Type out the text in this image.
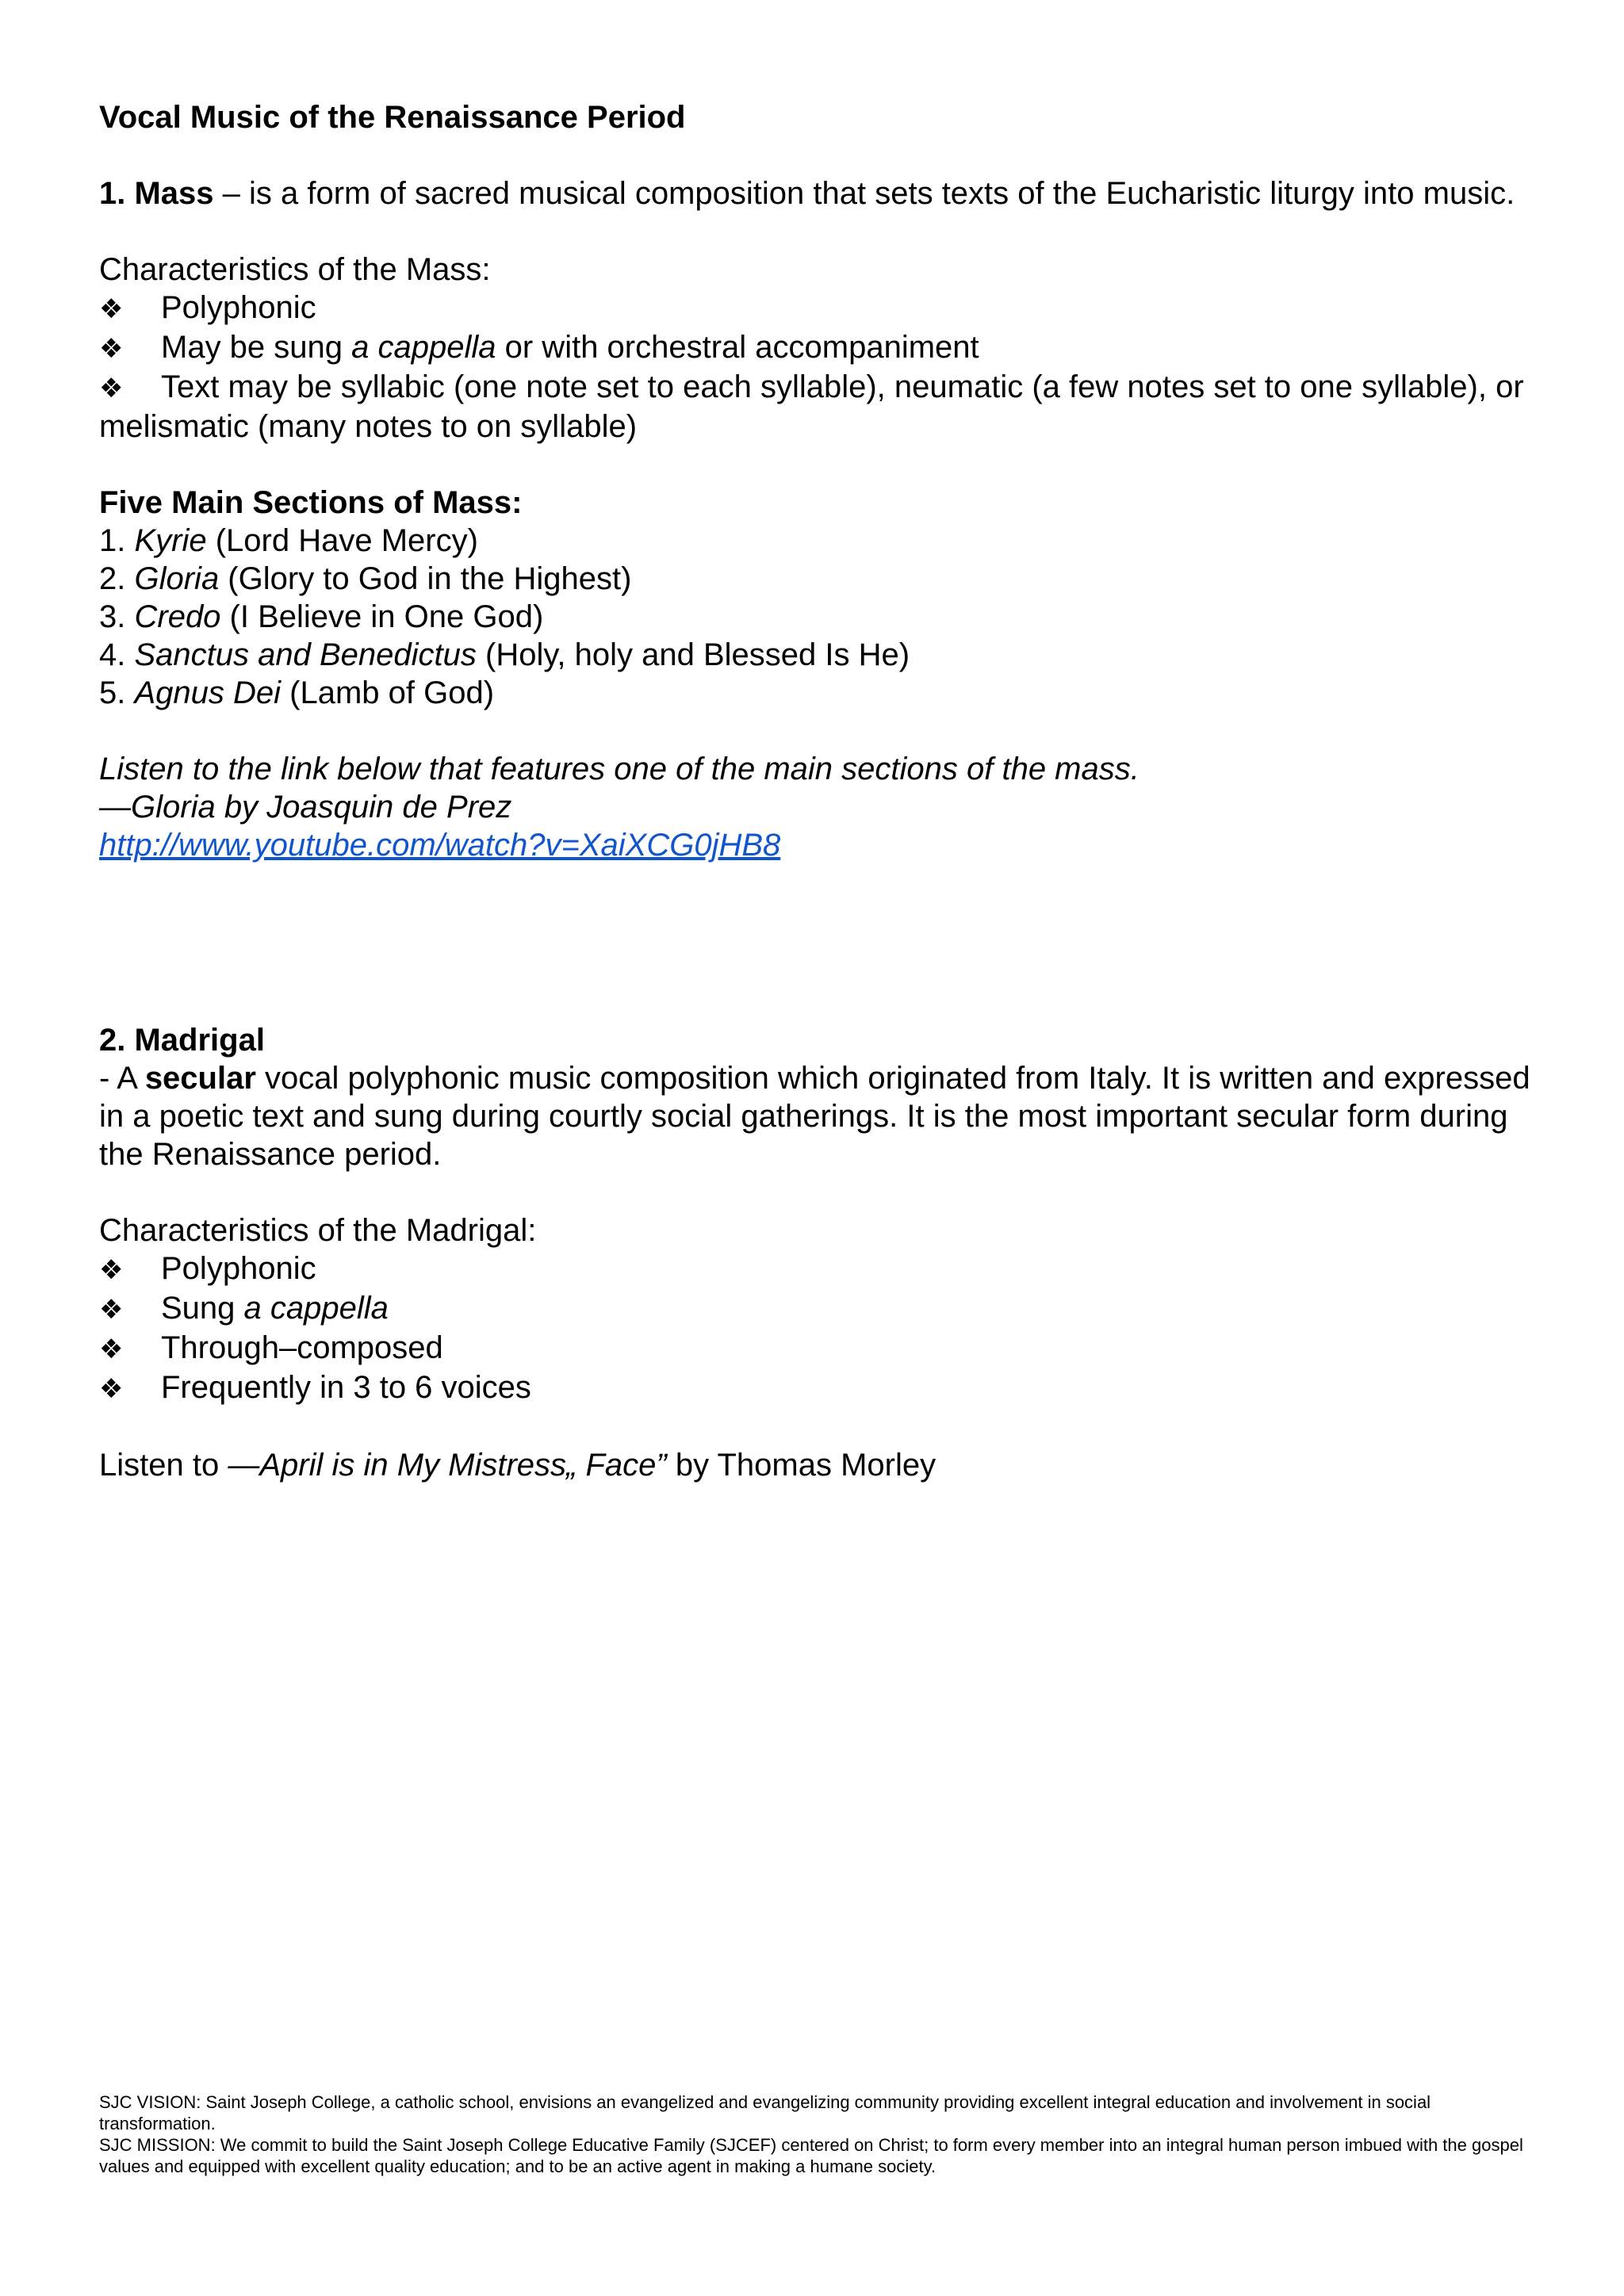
Vocal Music of the Renaissance Period
1. Mass – is a form of sacred musical composition that sets texts of the Eucharistic liturgy into music.
Characteristics of the Mass:
❖ Polyphonic
❖ May be sung a cappella or with orchestral accompaniment
❖ Text may be syllabic (one note set to each syllable), neumatic (a few notes set to one syllable), or melismatic (many notes to on syllable)
Five Main Sections of Mass:
1. Kyrie (Lord Have Mercy)
2. Gloria (Glory to God in the Highest)
3. Credo (I Believe in One God)
4. Sanctus and Benedictus (Holy, holy and Blessed Is He)
5. Agnus Dei (Lamb of God)
Listen to the link below that features one of the main sections of the mass.
—Gloria by Joasquin de Prez
http://www.youtube.com/watch?v=XaiXCG0jHB8
2. Madrigal
- A secular vocal polyphonic music composition which originated from Italy. It is written and expressed in a poetic text and sung during courtly social gatherings. It is the most important secular form during the Renaissance period.
Characteristics of the Madrigal:
❖ Polyphonic
❖ Sung a cappella
❖ Through–composed
❖ Frequently in 3 to 6 voices
Listen to —April is in My Mistress„ Face” by Thomas Morley
SJC VISION: Saint Joseph College, a catholic school, envisions an evangelized and evangelizing community providing excellent integral education and involvement in social transformation.
SJC MISSION: We commit to build the Saint Joseph College Educative Family (SJCEF) centered on Christ; to form every member into an integral human person imbued with the gospel values and equipped with excellent quality education; and to be an active agent in making a humane society.
